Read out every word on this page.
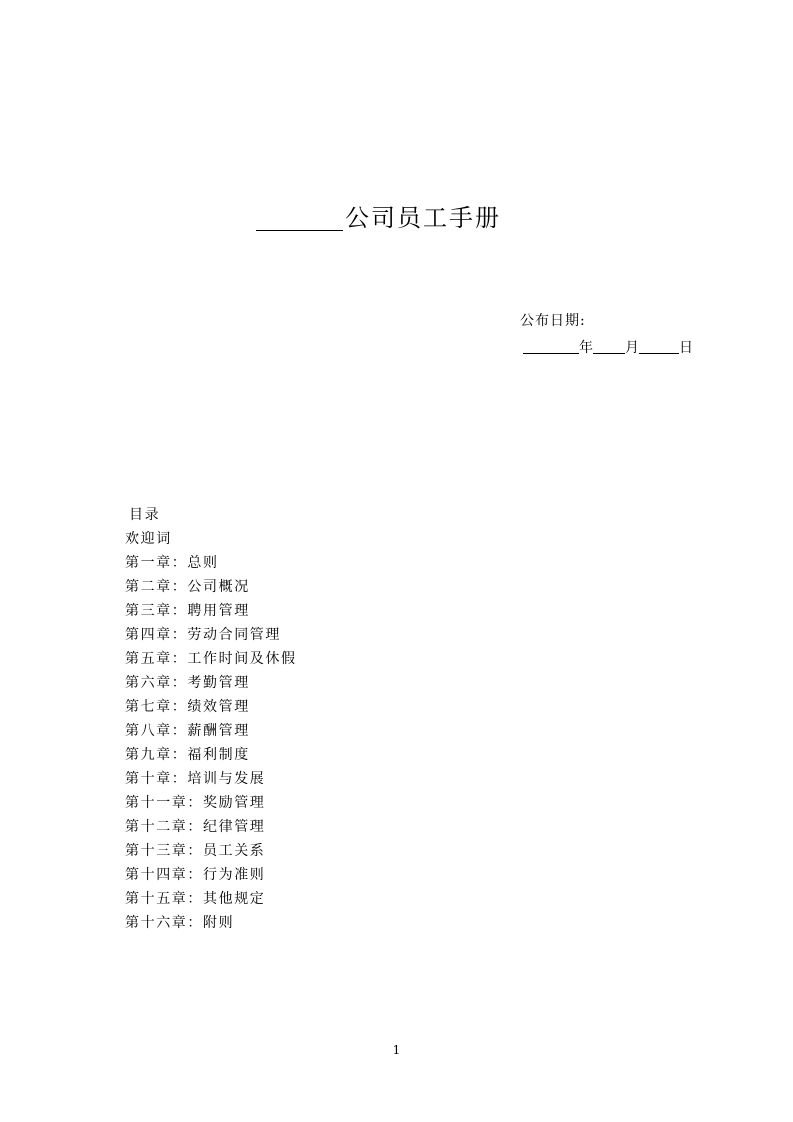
公司员工手册
公布日期:
年 月	日
目录
欢迎词
第一章：总则
第二章：公司概况
第三章：聘用管理
第四章：劳动合同管理
第五章：工作时间及休假
第六章：考勤管理
第七章：绩效管理
第八章：薪酬管理
第九章：福利制度
第十章：培训与发展
第十一章：奖励管理
第十二章：纪律管理
第十三章：员工关系
第十四章：行为准则
第十五章：其他规定
第十六章：附则
1
